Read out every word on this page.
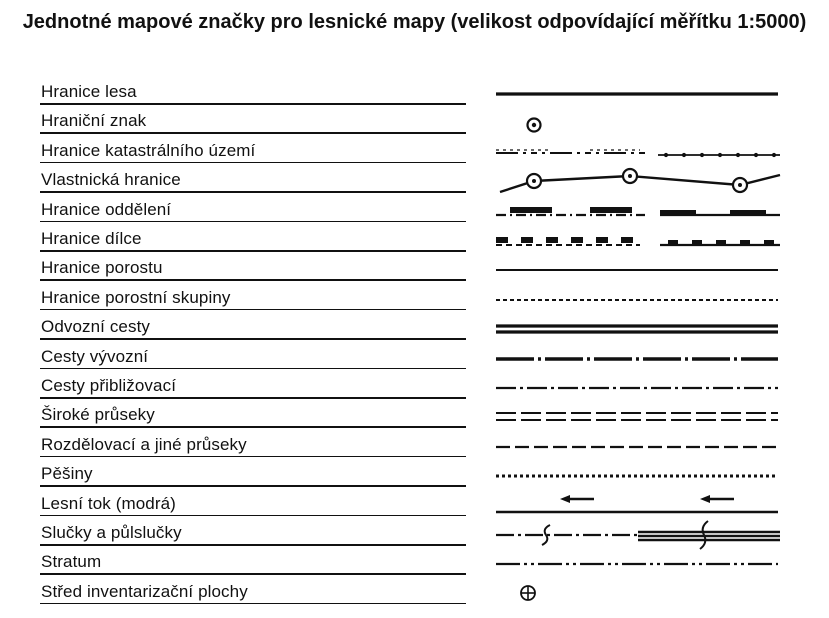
Jednotné mapové značky pro lesnické mapy (velikost odpovídající měřítku 1:5000)
Hranice lesa
Hraniční znak
Hranice katastrálního území
Vlastnická hranice
Hranice oddělení
Hranice dílce
Hranice porostu
Hranice porostní skupiny
Odvozní cesty
Cesty vývozní
Cesty přibližovací
Široké průseky
Rozdělovací a jiné průseky
Pěšiny
Lesní tok (modrá)
Slučky a půlslučky
Stratum
Střed inventarizační plochy
